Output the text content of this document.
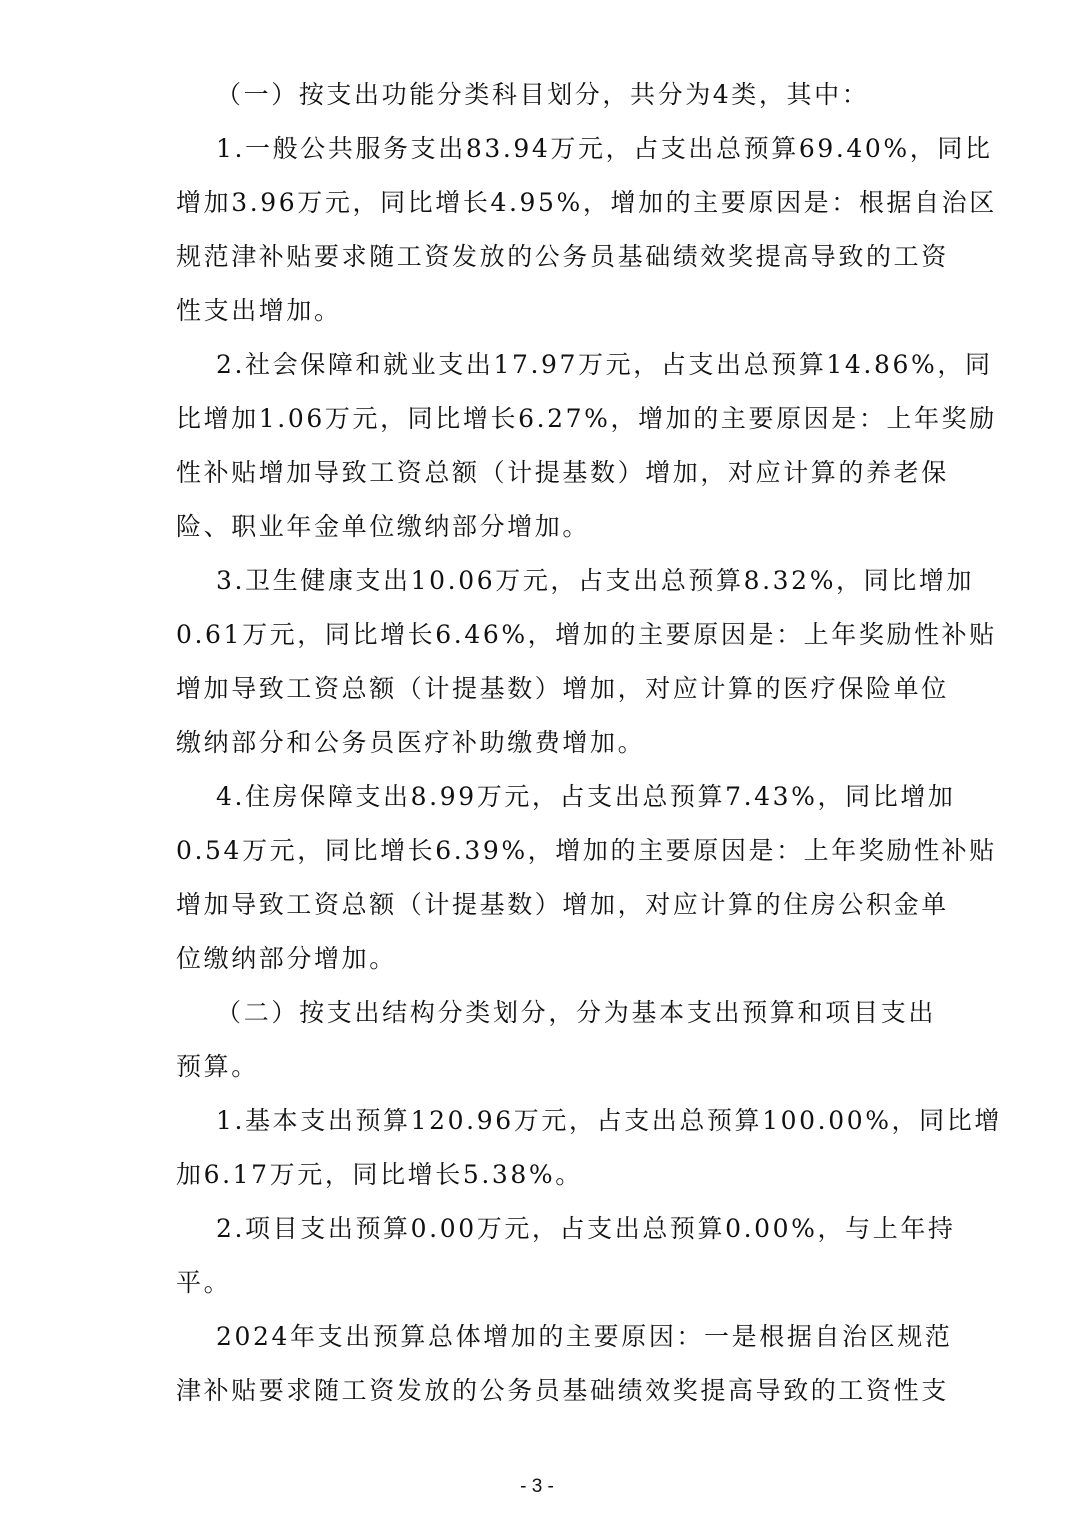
（一）按支出功能分类科目划分，共分为4类，其中：
1.一般公共服务支出83.94万元，占支出总预算69.40%，同比
增加3.96万元，同比增长4.95%，增加的主要原因是：根据自治区
规范津补贴要求随工资发放的公务员基础绩效奖提高导致的工资
性支出增加。
2.社会保障和就业支出17.97万元，占支出总预算14.86%，同
比增加1.06万元，同比增长6.27%，增加的主要原因是：上年奖励
性补贴增加导致工资总额（计提基数）增加，对应计算的养老保
险、职业年金单位缴纳部分增加。
3.卫生健康支出10.06万元，占支出总预算8.32%，同比增加
0.61万元，同比增长6.46%，增加的主要原因是：上年奖励性补贴
增加导致工资总额（计提基数）增加，对应计算的医疗保险单位
缴纳部分和公务员医疗补助缴费增加。
4.住房保障支出8.99万元，占支出总预算7.43%，同比增加
0.54万元，同比增长6.39%，增加的主要原因是：上年奖励性补贴
增加导致工资总额（计提基数）增加，对应计算的住房公积金单
位缴纳部分增加。
（二）按支出结构分类划分，分为基本支出预算和项目支出
预算。
1.基本支出预算120.96万元，占支出总预算100.00%，同比增
加6.17万元，同比增长5.38%。
2.项目支出预算0.00万元，占支出总预算0.00%，与上年持
平。
2024年支出预算总体增加的主要原因：一是根据自治区规范
津补贴要求随工资发放的公务员基础绩效奖提高导致的工资性支
- 3 -
